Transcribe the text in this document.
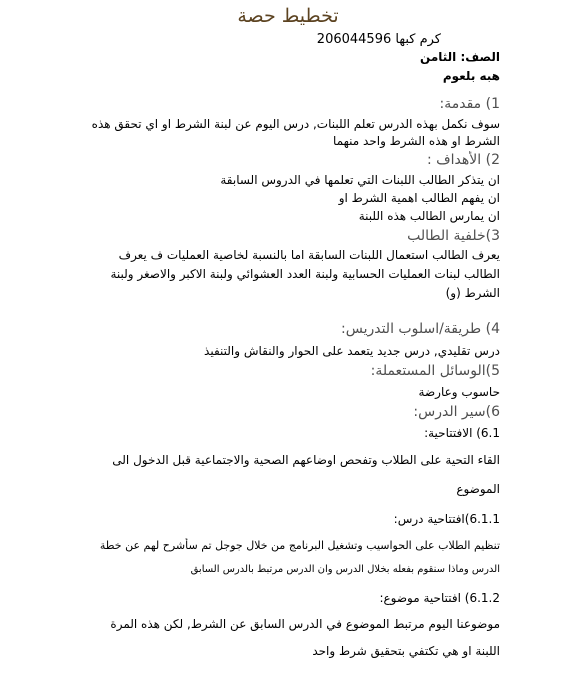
تخطيط حصة
كرم كبها 206044596
الصف: الثامن
هبه بلعوم
1) مقدمة:
سوف نكمل بهذه الدرس تعلم اللبنات, درس اليوم عن لبنة الشرط او اي تحقق هذه
الشرط او هذه الشرط واحد منهما
2) الأهداف :
ان يتذكر الطالب اللبنات التي تعلمها في الدروس السابقة
ان يفهم الطالب اهمية الشرط او
ان يمارس الطالب هذه اللبنة
3)خلفية الطالب
يعرف الطالب استعمال اللبنات السابقة اما بالنسبة لخاصية العمليات ف يعرف
الطالب لبنات العمليات الحسابية ولبنة العدد العشوائي ولبنة الاكبر والاصغر ولبنة
الشرط (و)
4) طريقة/اسلوب التدريس:
درس تقليدي, درس جديد يتعمد على الحوار والنقاش والتنفيذ
5)الوسائل المستعملة:
حاسوب وعارضة
6)سير الدرس:
6.1) الافتتاحية:
القاء التحية على الطلاب وتفحص اوضاعهم الصحية والاجتماعية قبل الدخول الى
الموضوع
6.1.1)افتتاحية درس:
تنظيم الطلاب على الحواسيب وتشغيل البرنامج من خلال جوجل تم سأشرح لهم عن خطة
الدرس وماذا سنقوم بفعله بخلال الدرس وان الدرس مرتبط بالدرس السابق
6.1.2) افتتاحية موضوع:
موضوعنا اليوم مرتبط الموضوع في الدرس السابق عن الشرط, لكن هذه المرة
اللبنة او هي تكتفي بتحقيق شرط واحد
